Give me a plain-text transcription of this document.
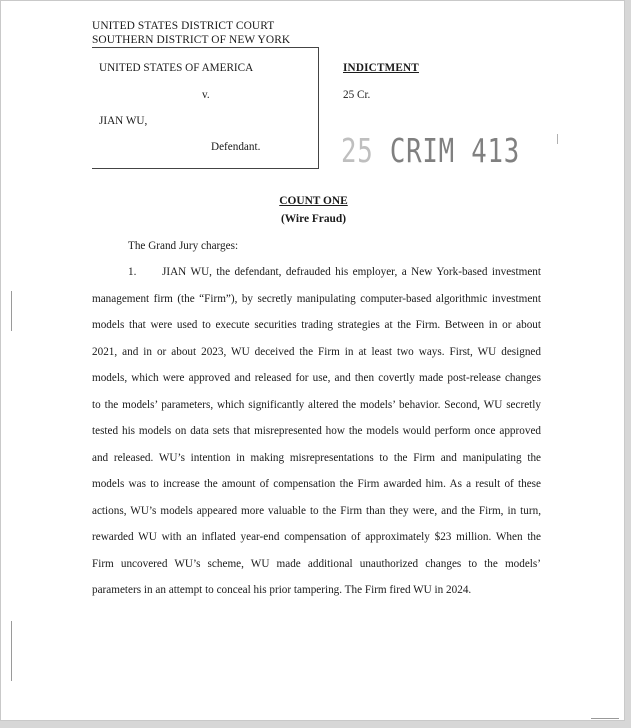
UNITED STATES DISTRICT COURT
SOUTHERN DISTRICT OF NEW YORK
UNITED STATES OF AMERICA
v.
JIAN WU,
Defendant.
INDICTMENT
25 Cr.
25 CRIM 413
COUNT ONE
(Wire Fraud)
The Grand Jury charges:
1. JIAN WU, the defendant, defrauded his employer, a New York-based investment
management firm (the “Firm”), by secretly manipulating computer-based algorithmic investment
models that were used to execute securities trading strategies at the Firm. Between in or about
2021, and in or about 2023, WU deceived the Firm in at least two ways. First, WU designed
models, which were approved and released for use, and then covertly made post-release changes
to the models’ parameters, which significantly altered the models’ behavior. Second, WU secretly
tested his models on data sets that misrepresented how the models would perform once approved
and released. WU’s intention in making misrepresentations to the Firm and manipulating the
models was to increase the amount of compensation the Firm awarded him. As a result of these
actions, WU’s models appeared more valuable to the Firm than they were, and the Firm, in turn,
rewarded WU with an inflated year-end compensation of approximately $23 million. When the
Firm uncovered WU’s scheme, WU made additional unauthorized changes to the models’
parameters in an attempt to conceal his prior tampering. The Firm fired WU in 2024.
